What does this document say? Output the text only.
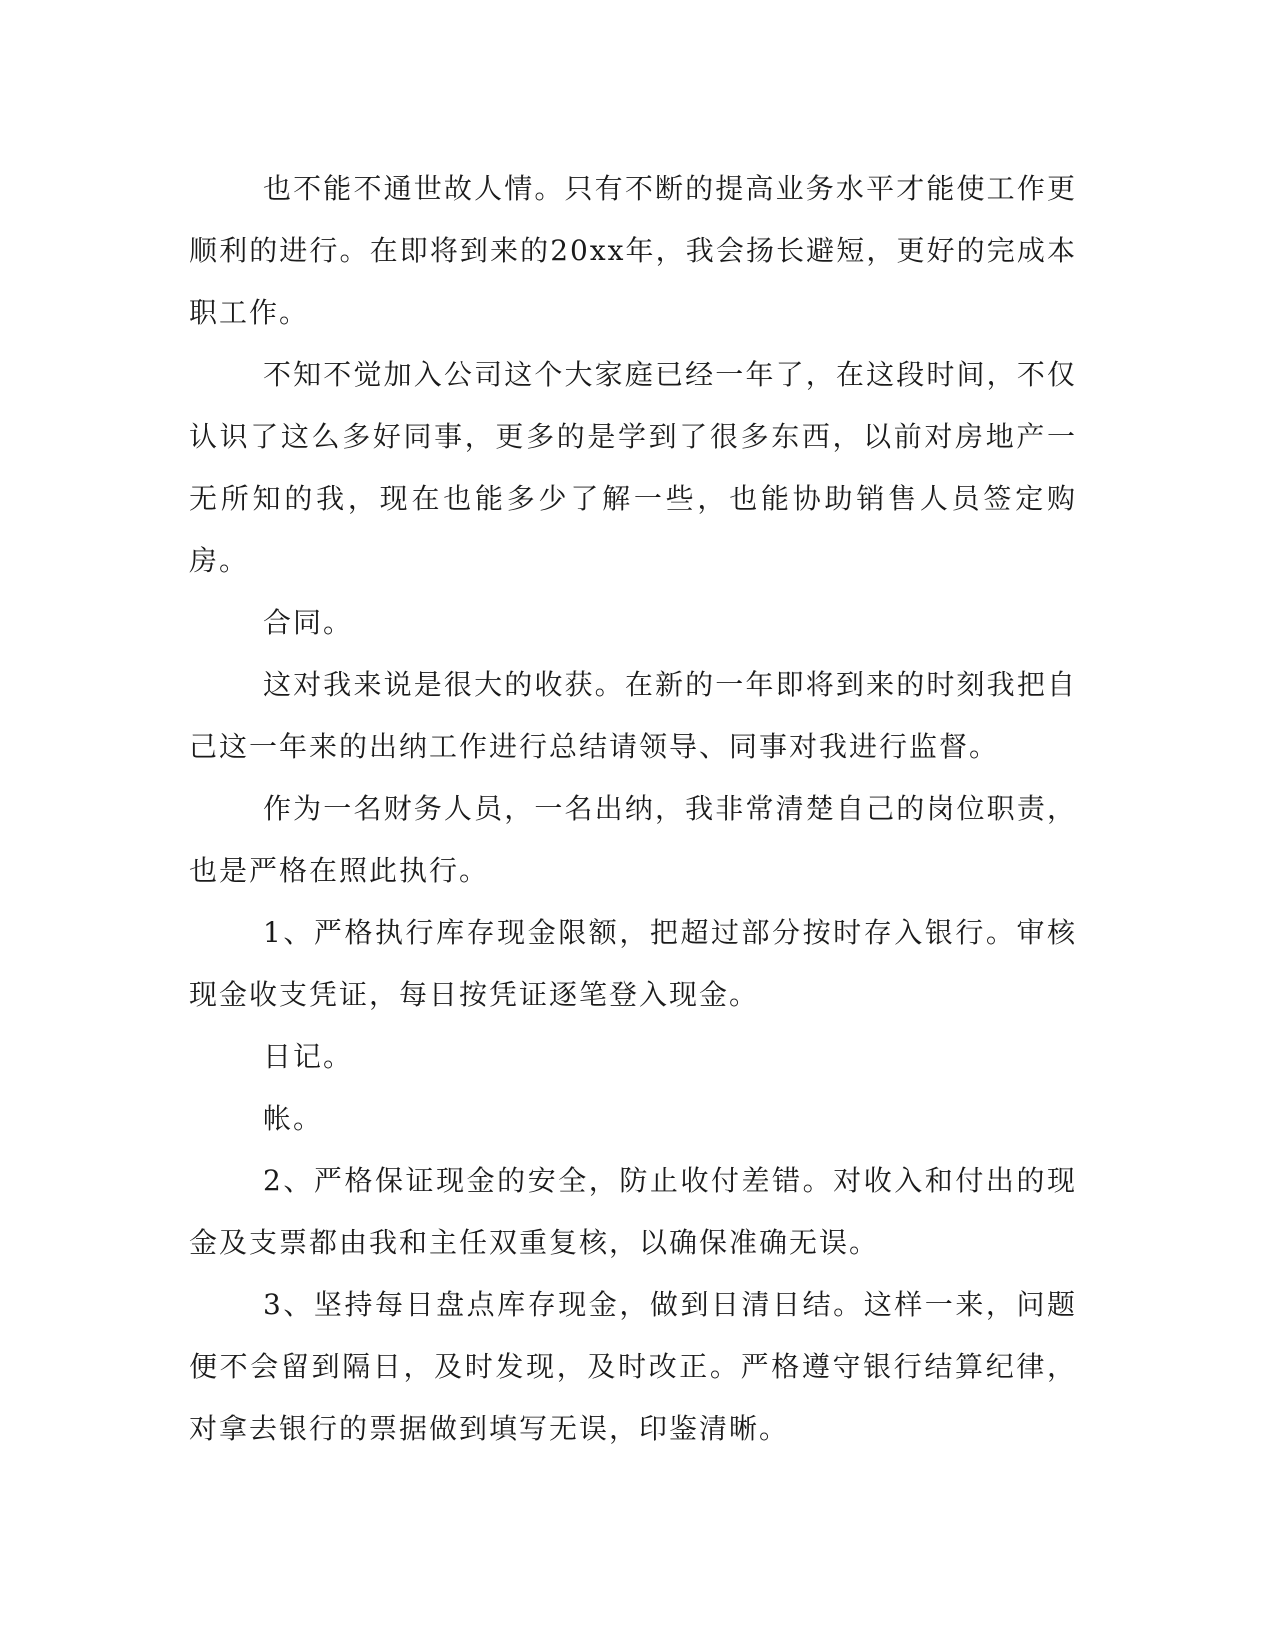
也不能不通世故人情。只有不断的提高业务水平才能使工作更顺利的进行。在即将到来的20xx年，我会扬长避短，更好的完成本职工作。

不知不觉加入公司这个大家庭已经一年了，在这段时间，不仅认识了这么多好同事，更多的是学到了很多东西，以前对房地产一无所知的我，现在也能多少了解一些，也能协助销售人员签定购房。

合同。

这对我来说是很大的收获。在新的一年即将到来的时刻我把自己这一年来的出纳工作进行总结请领导、同事对我进行监督。

作为一名财务人员，一名出纳，我非常清楚自己的岗位职责，也是严格在照此执行。

1、严格执行库存现金限额，把超过部分按时存入银行。审核现金收支凭证，每日按凭证逐笔登入现金。

日记。

帐。

2、严格保证现金的安全，防止收付差错。对收入和付出的现金及支票都由我和主任双重复核，以确保准确无误。

3、坚持每日盘点库存现金，做到日清日结。这样一来，问题便不会留到隔日，及时发现，及时改正。严格遵守银行结算纪律，对拿去银行的票据做到填写无误，印鉴清晰。
